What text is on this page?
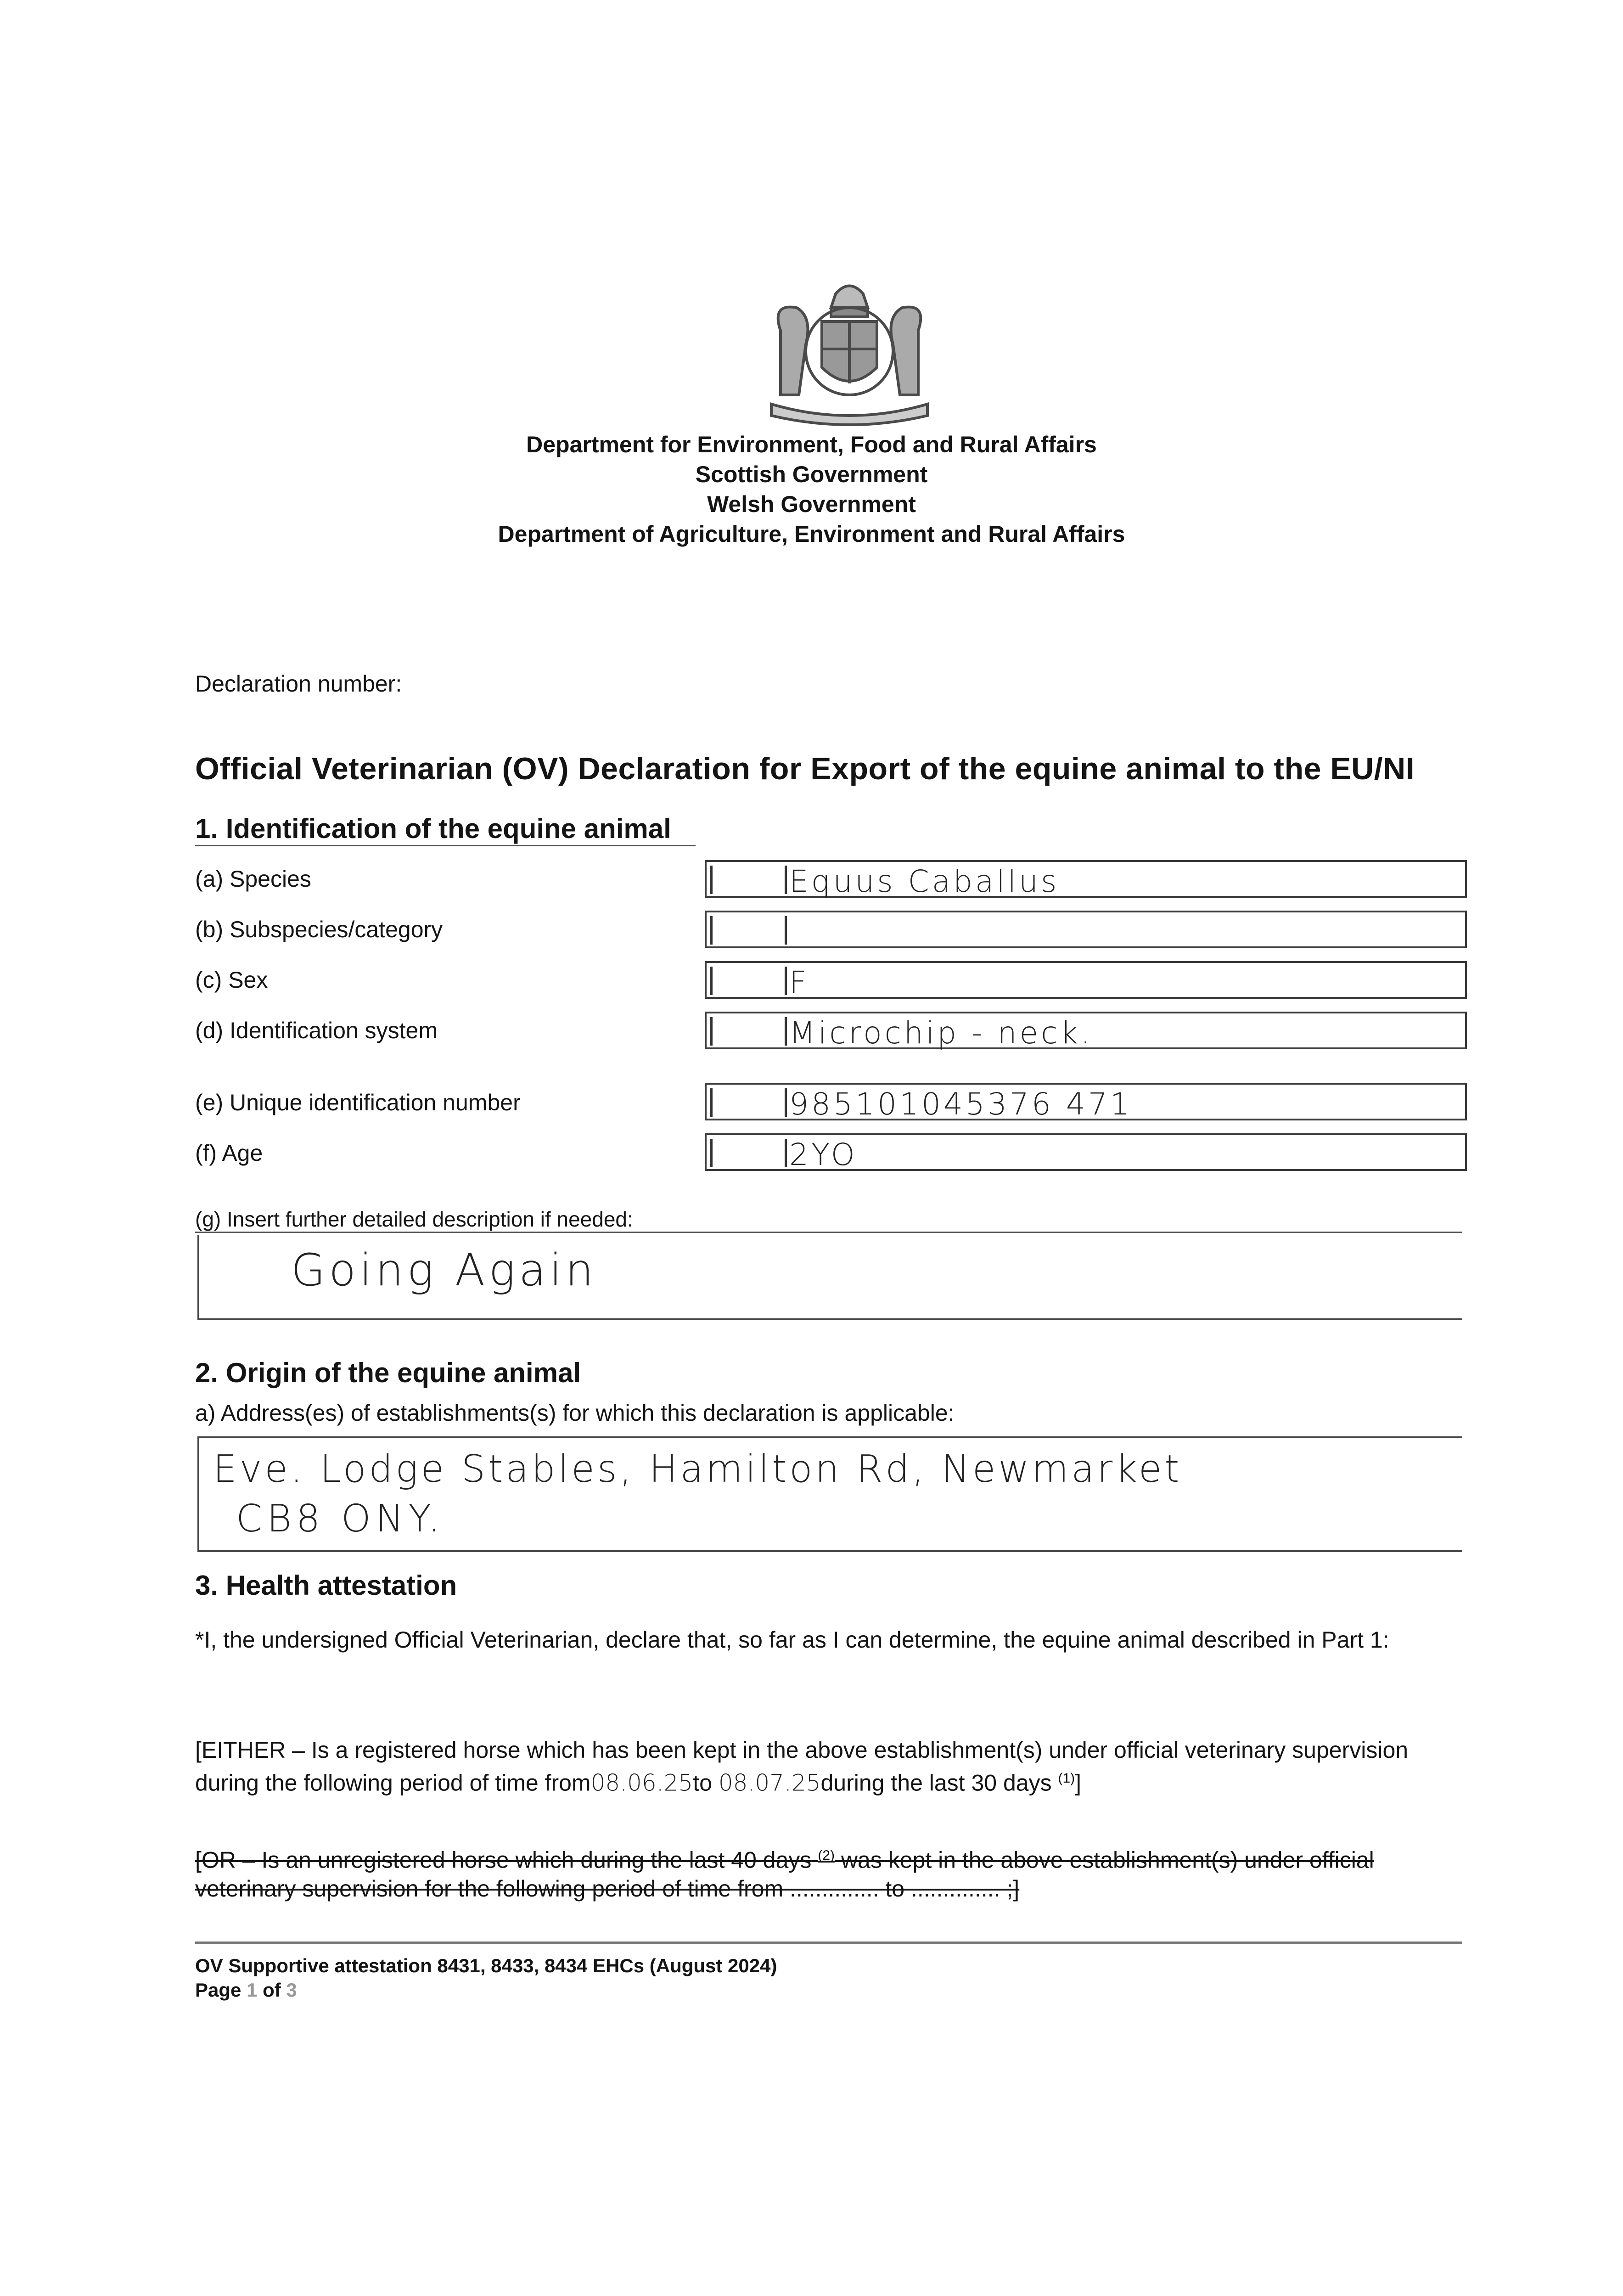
Department for Environment, Food and Rural Affairs
Scottish Government
Welsh Government
Department of Agriculture, Environment and Rural Affairs
Declaration number:
Official Veterinarian (OV) Declaration for Export of the equine animal to the EU/NI
1. Identification of the equine animal
(a) Species	Equus Caballus
(b) Subspecies/category
(c) Sex	F
(d) Identification system	Microchip - neck.
(e) Unique identification number	985101045376 471
(f) Age	2YO
(g) Insert further detailed description if needed:
Going Again
2. Origin of the equine animal
a) Address(es) of establishments(s) for which this declaration is applicable:
Eve. Lodge Stables, Hamilton Rd, Newmarket
CB8 ONY.
3. Health attestation
*I, the undersigned Official Veterinarian, declare that, so far as I can determine, the equine animal described in Part 1:
[EITHER – Is a registered horse which has been kept in the above establishment(s) under official veterinary supervision during the following period of time from08.06.25to 08.07.25during the last 30 days $^{(1)}$]
[OR – Is an unregistered horse which during the last 40 days $^{(2)}$ was kept in the above establishment(s) under official veterinary supervision for the following period of time from .............. to .............. ;]
OV Supportive attestation 8431, 8433, 8434 EHCs (August 2024)
Page 1 of 3
